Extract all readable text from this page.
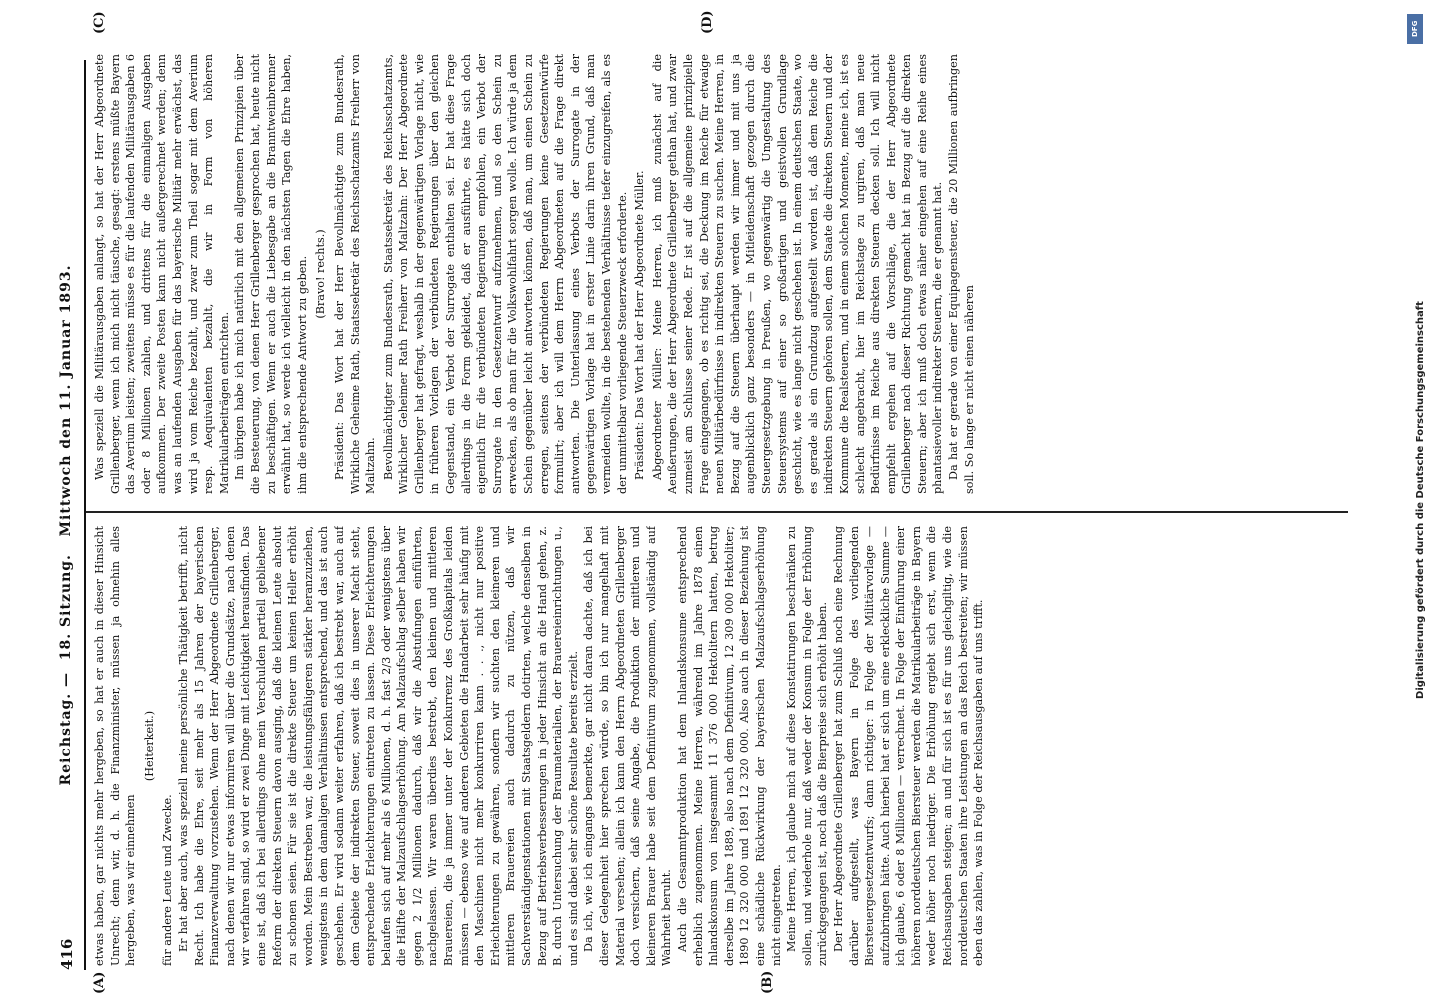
416
Reichstag. —  18. Sitzung.   Mittwoch den 11. Januar 1893.
(A)	(B)
(C)	(D)

etwas haben, gar nichts mehr hergeben, so hat er auch in dieser Hinsicht Unrecht; denn wir, d. h. die Finanzminister, müssen ja ohnehin alles hergeben, was wir einnehmen

(Heiterkeit.)

für andere Leute und Zwecke. Er hat aber auch, was speziell meine persönliche Thätigkeit betrifft, nicht Recht. Ich habe die Ehre, seit mehr als 15 Jahren der bayerischen Finanzverwaltung vorzustehen. Wenn der Herr Abgeordnete Grillenberger, nach denen wir nur etwas informiren will über die Grundsätze, nach denen wir verfahren sind, so wird er zwei Dinge mit Leichtigkeit herausfinden. Das eine ist, daß ich bei allerdings ohne mein Verschulden partiell gebliebener Reform der direkten Steuern davon ausging, daß die kleinen Leute ahsolut zu schonen seien. Für sie ist die direkte Steuer um keinen Heller erhöht worden. Mein Bestreben war, die leistungsfähigeren stärker heranzuziehen, wenigstens in dem damaligen Verhältnissen entsprechend, und das ist auch geschehen. Er wird sodann weiter erfahren, daß ich bestrebt war, auch auf dem Gebiete der indirekten Steuer, soweit dies in unserer Macht steht, entsprechende Erleichterungen eintreten zu lassen. Diese Erleichterungen belaufen sich auf mehr als 6 Millionen, d. h. fast 2/3 oder wenigstens über die Hälfte der Malzaufschlagserhöhung. Am Malzaufschlag selber haben wir gegen 2 1/2 Millionen dadurch, daß wir die Abstufungen einführten, nachgelassen. Wir waren überdies bestrebt, den kleinen und mittleren Brauereien, die ja immer unter der Konkurrenz des Großkapitals leiden müssen — ebenso wie auf anderen Gebieten die Handarbeit sehr häufig mit den Maschinen nicht mehr konkurriren kann . . ., nicht nur positive Erleichterungen zu gewähren, sondern wir suchten den kleineren und mittleren Brauereien auch dadurch zu nützen, daß wir Sachverständigenstationen mit Staatsgeldern dotirten, welche denselben in Bezug auf Betriebsverbesserungen in jeder Hinsicht an die Hand gehen, z. B. durch Untersuchung der Braumaterialien, der Brauereieinrichtungen u., und es sind dabei sehr schöne Resultate bereits erzielt. Da ich, wie ich eingangs bemerkte, gar nicht daran dachte, daß ich bei dieser Gelegenheit hier sprechen würde, so bin ich nur mangelhaft mit Material versehen; allein ich kann den Herrn Abgeordneten Grillenberger doch versichern, daß seine Angabe, die Produktion der mittleren und kleineren Brauer habe seit dem Definitivum zugenommen, vollständig auf Wahrheit beruht. Auch die Gesammtproduktion hat dem Inlandskonsume entsprechend erheblich zugenommen. Meine Herren, während im Jahre 1878 einen Inlandskonsum von insgesammt 11 376 000 Hektolitern hatten, betrug derselbe im Jahre 1889, also nach dem Definitivum, 12 309 000 Hektoliter; 1890 12 320 000 und 1891 12 320 000. Also auch in dieser Beziehung ist eine schädliche Rückwirkung der bayerischen Malzaufschlagserhöhung nicht eingetreten. Meine Herren, ich glaube mich auf diese Konstatirungen beschränken zu sollen, und wiederhole nur, daß weder der Konsum in Folge der Erhöhung zurückgegangen ist, noch daß die Bierpreise sich erhöht haben. Der Herr Abgeordnete Grillenberger hat zum Schluß noch eine Rechnung darüber aufgestellt, was Bayern in Folge des vorliegenden Biersteuergesetzentwurfs; dann richtiger: in Folge der Militärvorlage — aufzubringen hätte. Auch hierbei hat er sich um eine erkleckliche Summe — ich glaube, 6 oder 8 Millionen — verrechnet. In Folge der Einführung einer höheren norddeutschen Biersteuer werden die Matrikularbeiträge in Bayern weder höher noch niedriger. Die Erhöhung ergiebt sich erst, wenn die Reichsausgaben steigen; an und für sich ist es für uns gleichgiltig, wie die norddeutschen Staaten ihre Leistungen an das Reich bestreiten; wir müssen eben das zahlen, was in Folge der Reichsausgaben auf uns trifft.

Was speziell die Militärausgaben anlangt, so hat der Herr Abgeordnete Grillenberger, wenn ich mich nicht täusche, gesagt: erstens müßte Bayern das Averium leisten; zweitens müsse es für die laufenden Militärausgaben 6 oder 8 Millionen zahlen, und drittens für die einmaligen Ausgaben aufkommen. Der zweite Posten kann nicht außergerechnet werden; denn was an laufenden Ausgaben für das bayerische Militär mehr erwächst, das wird ja vom Reiche bezahlt, und zwar zum Theil sogar mit dem Averium resp. Aequivalenten bezahlt, die wir in Form von höheren Matrikularbeiträgen entrichten. Im übrigen habe ich mich natürlich mit den allgemeinen Prinzipien über die Besteuerung, von denen Herr Grillenberger gesprochen hat, heute nicht zu beschäftigen. Wenn er auch die Liebesgabe an die Branntweinbrenner erwähnt hat, so werde ich vielleicht in den nächsten Tagen die Ehre haben, ihm die entsprechende Antwort zu geben. (Bravo! rechts.) Präsident: Das Wort hat der Herr Bevollmächtigte zum Bundesrath, Wirkliche Geheime Rath, Staatssekretär des Reichsschatzamts Freiherr von Maltzahn. Bevollmächtigter zum Bundesrath, Staatssekretär des Reichsschatzamts, Wirklicher Geheimer Rath Freiherr von Maltzahn: Der Herr Abgeordnete Grillenberger hat gefragt, weshalb in der gegenwärtigen Vorlage nicht, wie in früheren Vorlagen der verbündeten Regierungen über den gleichen Gegenstand, ein Verbot der Surrogate enthalten sei. Er hat diese Frage allerdings in die Form gekleidet, daß er ausführte, es hätte sich doch eigentlich für die verbündeten Regierungen empfohlen, ein Verbot der Surrogate in den Gesetzentwurf aufzunehmen, und so den Schein zu erwecken, als ob man für die Volkswohlfahrt sorgen wolle. Ich würde ja dem Schein gegenüber leicht antworten können, daß man, um einen Schein zu erregen, seitens der verbündeten Regierungen keine Gesetzentwürfe formulirt; aber ich will dem Herrn Abgeordneten auf die Frage direkt antworten. Die Unterlassung eines Verbots der Surrogate in der gegenwärtigen Vorlage hat in erster Linie darin ihren Grund, daß man vermeiden wollte, in die bestehenden Verhältnisse tiefer einzugreifen, als es der unmittelbar vorliegende Steuerzweck erforderte. Präsident: Das Wort hat der Herr Abgeordnete Müller. Abgeordneter Müller: Meine Herren, ich muß zunächst auf die Aeußerungen, die der Herr Abgeordnete Grillenberger gethan hat, und zwar zumeist am Schlusse seiner Rede. Er ist auf die allgemeine prinzipielle Frage eingegangen, ob es richtig sei, die Deckung im Reiche für etwaige neuen Militärbedürfnisse in indirekten Steuern zu suchen. Meine Herren, in Bezug auf die Steuern überhaupt werden wir immer und mit uns ja augenblicklich ganz besonders — in Mitleidenschaft gezogen durch die Steuergesetzgebung in Preußen, wo gegenwärtig die Umgestaltung des Steuersystems auf einer so großartigen und geistvollen Grundlage geschicht, wie es lange nicht geschehen ist. In einem deutschen Staate, wo es gerade als ein Grundzug aufgestellt worden ist, daß dem Reiche die indirekten Steuern gehören sollen, dem Staate die direkten Steuern und der Kommune die Realsteuern, und in einem solchen Momente, meine ich, ist es schlecht angebracht, hier im Reichstage zu urgiren, daß man neue Bedürfnisse im Reiche aus direkten Steuern decken soll. Ich will nicht empfehlt ergehen auf die Vorschläge, die der Herr Abgeordnete Grillenberger nach dieser Richtung gemacht hat in Bezug auf die direkten Steuern; aber ich muß doch etwas näher eingehen auf eine Reihe eines phantasievoller indirekter Steuern, die er genannt hat. Da hat er gerade von einer Equipagensteuer, die 20 Millionen aufbringen soll. So lange er nicht einen näheren	Digitalisierung gefördert durch die Deutsche Forschungsgemeinschaft
DFG
